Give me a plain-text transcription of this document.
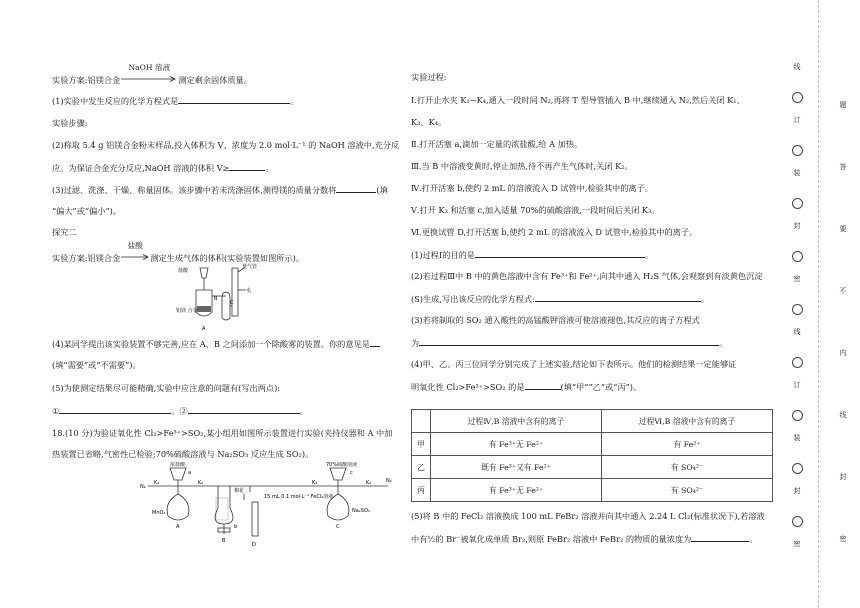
实验方案:铝镁合金
NaOH 溶液
测定剩余固体质量。
(1)实验中发生反应的化学方程式是	。
实验步骤:
(2)称取 5.4 g 铝镁合金粉末样品,投入体积为 V、浓度为 2.0 mol·L⁻¹ 的 NaOH 溶液中,充分反
应。为保证合金充分反应,NaOH 溶液的体积 V≥	。
(3)过滤、洗涤、干燥、称量固体。该步骤中若未洗涤固体,测得镁的质量分数将	(填
“偏大”或“偏小”)。
探究二
实验方案:铝镁合金
盐酸
测定生成气体的体积(实验装置如图所示)。
盐酸
量气管
水
铝镁 合金
A
B
C
(4)某同学提出该实验装置不够完善,应在 A、B 之间添加一个除酸雾的装置。你的意见是
(填“需要”或“不需要”)。
(5)为使测定结果尽可能精确,实验中应注意的问题有(写出两点):
①	。②	。
18.(10 分)为验证氧化性 Cl₂>Fe³⁺>SO₂,某小组用如图所示装置进行实验(夹持仪器和 A 中加
热装置已省略,气密性已检验;70%硫酸溶液与 Na₂SO₃ 反应生成 SO₂)。
浓盐酸	70%硫酸溶液
N₂
N₂
K₁	K₂	K₃	K₄
a
b
c
棉花
15 mL 0.1 mol·L⁻¹ FeCl₂溶液
MnO₂	Na₂SO₃
A
B
C
D
实验过程:
Ⅰ.打开止水夹 K₁~K₄,通入一段时间 N₂,再将 T 型导管插入 B 中,继续通入 N₂,然后关闭 K₁、
K₃、K₄。
Ⅱ.打开活塞 a,滴加一定量的浓盐酸,给 A 加热。
Ⅲ.当 B 中溶液变黄时,停止加热,待不再产生气体时,关闭 K₂。
Ⅳ.打开活塞 b,使约 2 mL 的溶液流入 D 试管中,检验其中的离子。
Ⅴ.打开 K₃ 和活塞 c,加入适量 70%的硫酸溶液,一段时间后关闭 K₃。
Ⅵ.更换试管 D,打开活塞 b,使约 2 mL 的溶液流入 D 试管中,检验其中的离子。
(1)过程Ⅰ的目的是	。
(2)若过程Ⅲ中 B 中的黄色溶液中含有 Fe³⁺和 Fe²⁺,向其中通入 H₂S 气体,会观察到有淡黄色沉淀
(S)生成,写出该反应的化学方程式:	。
(3)若将制取的 SO₂ 通入酸性的高锰酸钾溶液可使溶液褪色,其反应的离子方程式
为	。
(4)甲、乙、丙三位同学分别完成了上述实验,结论如下表所示。他们的检测结果一定能够证
明氧化性 Cl₂>Fe³⁺>SO₂ 的是	(填“甲”“乙”或“丙”)。
	过程Ⅳ,B 溶液中含有的离子	过程Ⅵ,B 溶液中含有的离子
甲	有 Fe³⁺无 Fe²⁺	有 Fe²⁺
乙	既有 Fe³⁺又有 Fe²⁺	有 SO₄²⁻
丙	有 Fe³⁺无 Fe²⁺	有 SO₄²⁻
(5)将 B 中的 FeCl₂ 溶液换成 100 mL FeBr₂ 溶液并向其中通入 2.24 L Cl₂(标准状况下),若溶液
中有½的 Br⁻被氧化成单质 Br₂,则原 FeBr₂ 溶液中 FeBr₂ 的物质的量浓度为	。
线
订
装
封
密
线
订
装
封
密
题
答
要
不
内
线
封
密
